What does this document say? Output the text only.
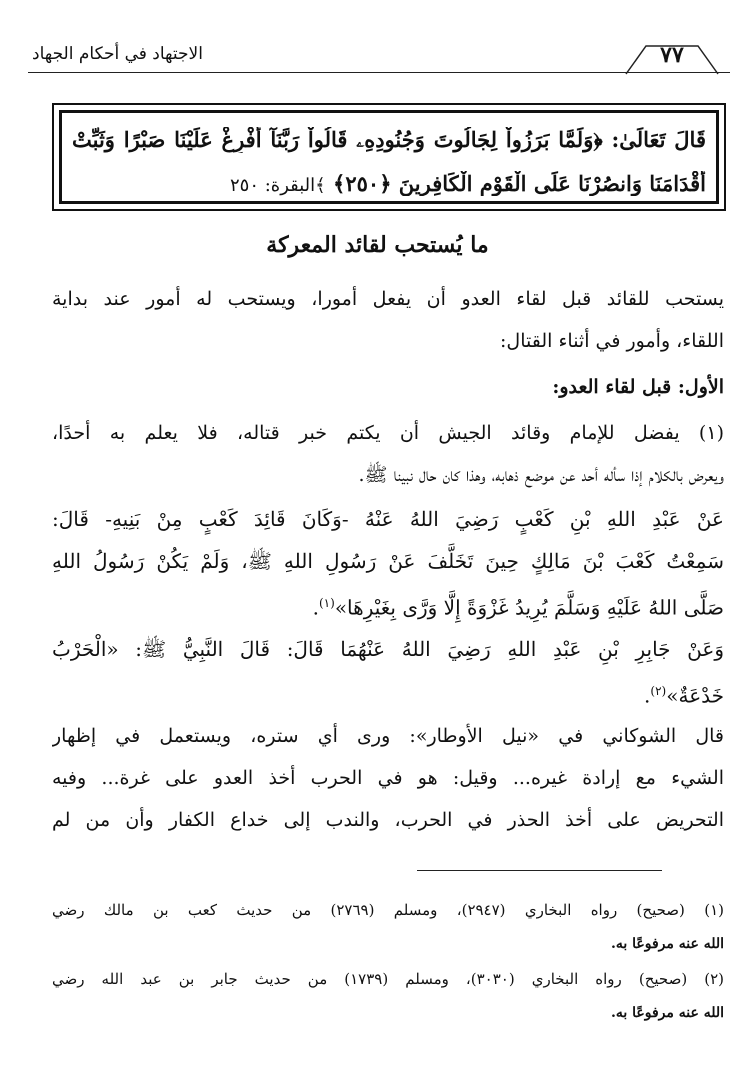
الاجتهاد في أحكام الجهاد	٧٧
قَالَ تَعَالَىٰ: ﴿وَلَمَّا بَرَزُواْ لِجَالُوتَ وَجُنُودِهِۦ قَالُواْ رَبَّنَآ أَفْرِغْ عَلَيْنَا صَبْرًا وَثَبِّتْ
أَقْدَامَنَا وَانصُرْنَا عَلَى الْقَوْمِ الْكَافِرِينَ ﴿٢٥٠﴾ ﴾البقرة: ٢٥٠
ما يُستحب لقائد المعركة
يستحب للقائد قبل لقاء العدو أن يفعل أمورا، ويستحب له أمور عند بداية
اللقاء، وأمور في أثناء القتال:
الأول: قبل لقاء العدو:
(١) يفضل للإمام وقائد الجيش أن يكتم خبر قتاله، فلا يعلم به أحدًا،
ويعرض بالكلام إذا سأله أحد عن موضع ذهابه، وهذا كان حال نبينا ﷺ.
عَنْ عَبْدِ اللهِ بْنِ كَعْبٍ رَضِيَ اللهُ عَنْهُ -وَكَانَ قَائِدَ كَعْبٍ مِنْ بَنِيهِ- قَالَ:
سَمِعْتُ كَعْبَ بْنَ مَالِكٍ حِينَ تَخَلَّفَ عَنْ رَسُولِ اللهِ ﷺ، وَلَمْ يَكُنْ رَسُولُ اللهِ
صَلَّى اللهُ عَلَيْهِ وَسَلَّمَ يُرِيدُ غَزْوَةً إِلَّا وَرَّى بِغَيْرِهَا»$^{(١)}$.
وَعَنْ جَابِرِ بْنِ عَبْدِ اللهِ رَضِيَ اللهُ عَنْهُمَا قَالَ: قَالَ النَّبِيُّ ﷺ: «الْحَرْبُ
خَدْعَةٌ»$^{(٢)}$.
قال الشوكاني في «نيل الأوطار»: ورى أي ستره، ويستعمل في إظهار
الشيء مع إرادة غيره... وقيل: هو في الحرب أخذ العدو على غرة... وفيه
التحريض على أخذ الحذر في الحرب، والندب إلى خداع الكفار وأن من لم
(١) (صحيح) رواه البخاري (٢٩٤٧)، ومسلم (٢٧٦٩) من حديث كعب بن مالك رضي
الله عنه مرفوعًا به.
(٢) (صحيح) رواه البخاري (٣٠٣٠)، ومسلم (١٧٣٩) من حديث جابر بن عبد الله رضي
الله عنه مرفوعًا به.
